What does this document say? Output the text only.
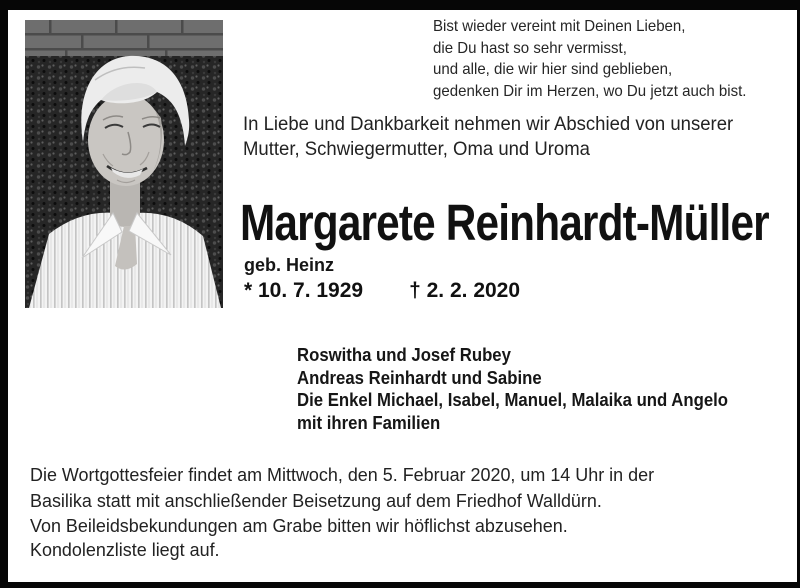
Bist wieder vereint mit Deinen Lieben,
die Du hast so sehr vermisst,
und alle, die wir hier sind geblieben,
gedenken Dir im Herzen, wo Du jetzt auch bist.
In Liebe und Dankbarkeit nehmen wir Abschied von unserer
Mutter, Schwiegermutter, Oma und Uroma
Margarete Reinhardt-Müller
geb. Heinz
* 10. 7. 1929 † 2. 2. 2020
Roswitha und Josef Rubey
Andreas Reinhardt und Sabine
Die Enkel Michael, Isabel, Manuel, Malaika und Angelo
mit ihren Familien
Die Wortgottesfeier findet am Mittwoch, den 5. Februar 2020, um 14 Uhr in der
Basilika statt mit anschließender Beisetzung auf dem Friedhof Walldürn.
Von Beileidsbekundungen am Grabe bitten wir höflichst abzusehen.
Kondolenzliste liegt auf.
